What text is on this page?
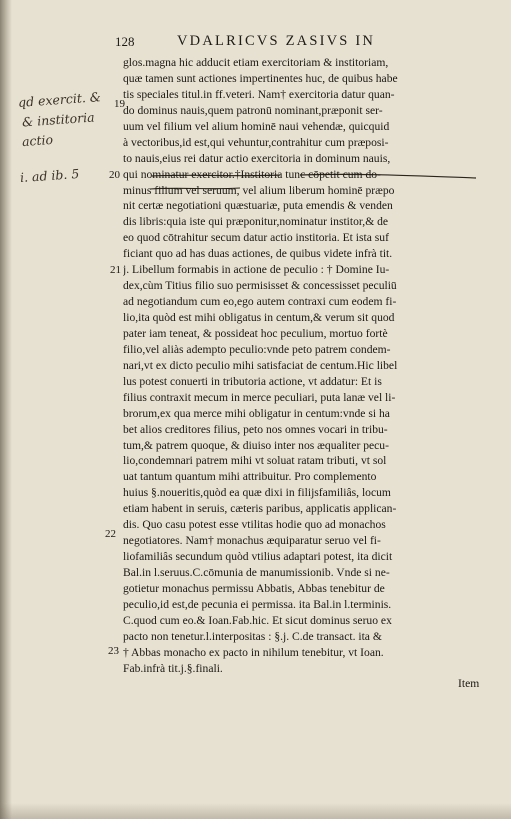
128	VDALRICVS ZASIVS IN
qd exercit. &
& institoria
actio
i. ad ib. 5
19
20
21
22
23
glos.magna hic adducit etiam exercitoriam & institoriam,
quæ tamen sunt actiones impertinentes huc, de quibus habe
tis speciales titul.in ff.veteri. Nam† exercitoria datur quan-
do dominus nauis,quem patronū nominant,præponit ser-
uum vel filium vel alium hominē naui vehendæ, quicquid
à vectoribus,id est,qui vehuntur,contrahitur cum præposi-
to nauis,eius rei datur actio exercitoria in dominum nauis,
qui nominatur exercitor.†Institoria tunc cōpetit cum do-
minus filium vel seruum, vel alium liberum hominē præpo
nit certæ negotiationi quæstuariæ, puta emendis & venden
dis libris:quia iste qui præponitur,nominatur institor,& de
eo quod cōtrahitur secum datur actio institoria. Et ista suf
ficiant quo ad has duas actiones, de quibus videte infrà tit.
j. Libellum formabis in actione de peculio : † Domine Iu-
dex,cùm Titius filio suo permisisset & concessisset peculiū
ad negotiandum cum eo,ego autem contraxi cum eodem fi-
lio,ita quòd est mihi obligatus in centum,& verum sit quod
pater iam teneat, & possideat hoc peculium, mortuo fortè
filio,vel aliàs adempto peculio:vnde peto patrem condem-
nari,vt ex dicto peculio mihi satisfaciat de centum.Hic libel
lus potest conuerti in tributoria actione, vt addatur: Et is
filius contraxit mecum in merce peculiari, puta lanæ vel li-
brorum,ex qua merce mihi obligatur in centum:vnde si ha
bet alios creditores filius, peto nos omnes vocari in tribu-
tum,& patrem quoque, & diuiso inter nos æqualiter pecu-
lio,condemnari patrem mihi vt soluat ratam tributi, vt sol
uat tantum quantum mihi attribuitur. Pro complemento
huius §.noueritis,quòd ea quæ dixi in filijsfamiliâs, locum
etiam habent in seruis, cæteris paribus, applicatis applican-
dis. Quo casu potest esse vtilitas hodie quo ad monachos
negotiatores. Nam† monachus æquiparatur seruo vel fi-
liofamiliâs secundum quòd vtilius adaptari potest, ita dicit
Bal.in l.seruus.C.cōmunia de manumissionib. Vnde si ne-
gotietur monachus permissu Abbatis, Abbas tenebitur de
peculio,id est,de pecunia ei permissa. ita Bal.in l.terminis.
C.quod cum eo.& Ioan.Fab.hic. Et sicut dominus seruo ex
pacto non tenetur.l.interpositas : §.j. C.de transact. ita &
† Abbas monacho ex pacto in nihilum tenebitur, vt Ioan.
Fab.infrà tit.j.§.finali.
Item
